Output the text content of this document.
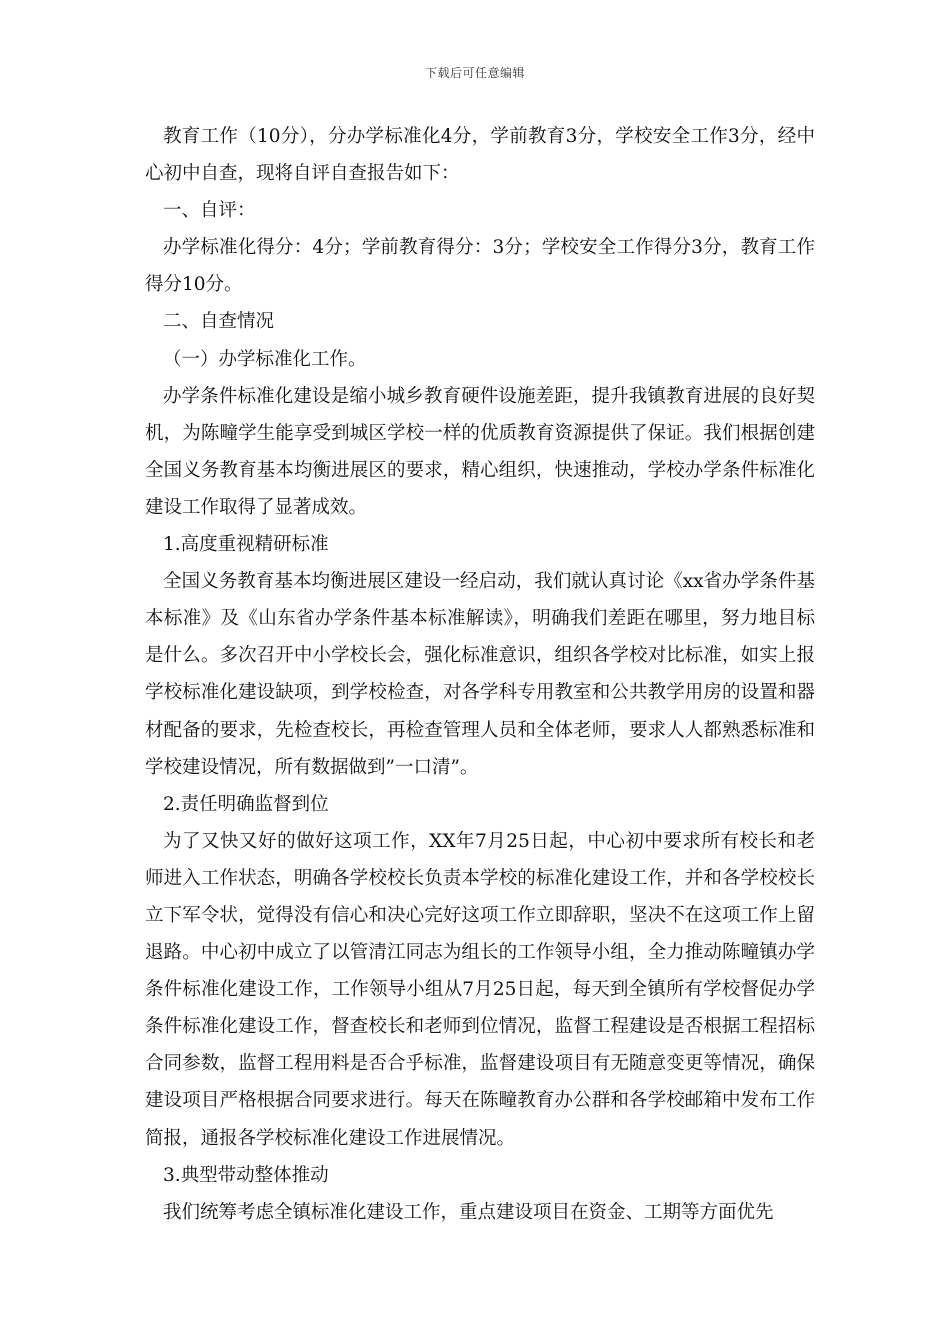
下载后可任意编辑

教育工作（10分），分办学标准化4分，学前教育3分，学校安全工作3分，经中心初中自查，现将自评自查报告如下：

一、自评：

办学标准化得分：4分；学前教育得分：3分；学校安全工作得分3分，教育工作得分10分。

二、自查情况

（一）办学标准化工作。

办学条件标准化建设是缩小城乡教育硬件设施差距，提升我镇教育进展的良好契机，为陈疃学生能享受到城区学校一样的优质教育资源提供了保证。我们根据创建全国义务教育基本均衡进展区的要求，精心组织，快速推动，学校办学条件标准化建设工作取得了显著成效。

1.高度重视精研标准

全国义务教育基本均衡进展区建设一经启动，我们就认真讨论《xx省办学条件基本标准》及《山东省办学条件基本标准解读》，明确我们差距在哪里，努力地目标是什么。多次召开中小学校长会，强化标准意识，组织各学校对比标准，如实上报学校标准化建设缺项，到学校检查，对各学科专用教室和公共教学用房的设置和器材配备的要求，先检查校长，再检查管理人员和全体老师，要求人人都熟悉标准和学校建设情况，所有数据做到”一口清”。

2.责任明确监督到位

为了又快又好的做好这项工作，XX年7月25日起，中心初中要求所有校长和老师进入工作状态，明确各学校校长负责本学校的标准化建设工作，并和各学校校长立下军令状，觉得没有信心和决心完好这项工作立即辞职，坚决不在这项工作上留退路。中心初中成立了以管清江同志为组长的工作领导小组，全力推动陈疃镇办学条件标准化建设工作，工作领导小组从7月25日起，每天到全镇所有学校督促办学条件标准化建设工作，督查校长和老师到位情况，监督工程建设是否根据工程招标合同参数，监督工程用料是否合乎标准，监督建设项目有无随意变更等情况，确保建设项目严格根据合同要求进行。每天在陈疃教育办公群和各学校邮箱中发布工作简报，通报各学校标准化建设工作进展情况。

3.典型带动整体推动

我们统筹考虑全镇标准化建设工作，重点建设项目在资金、工期等方面优先
